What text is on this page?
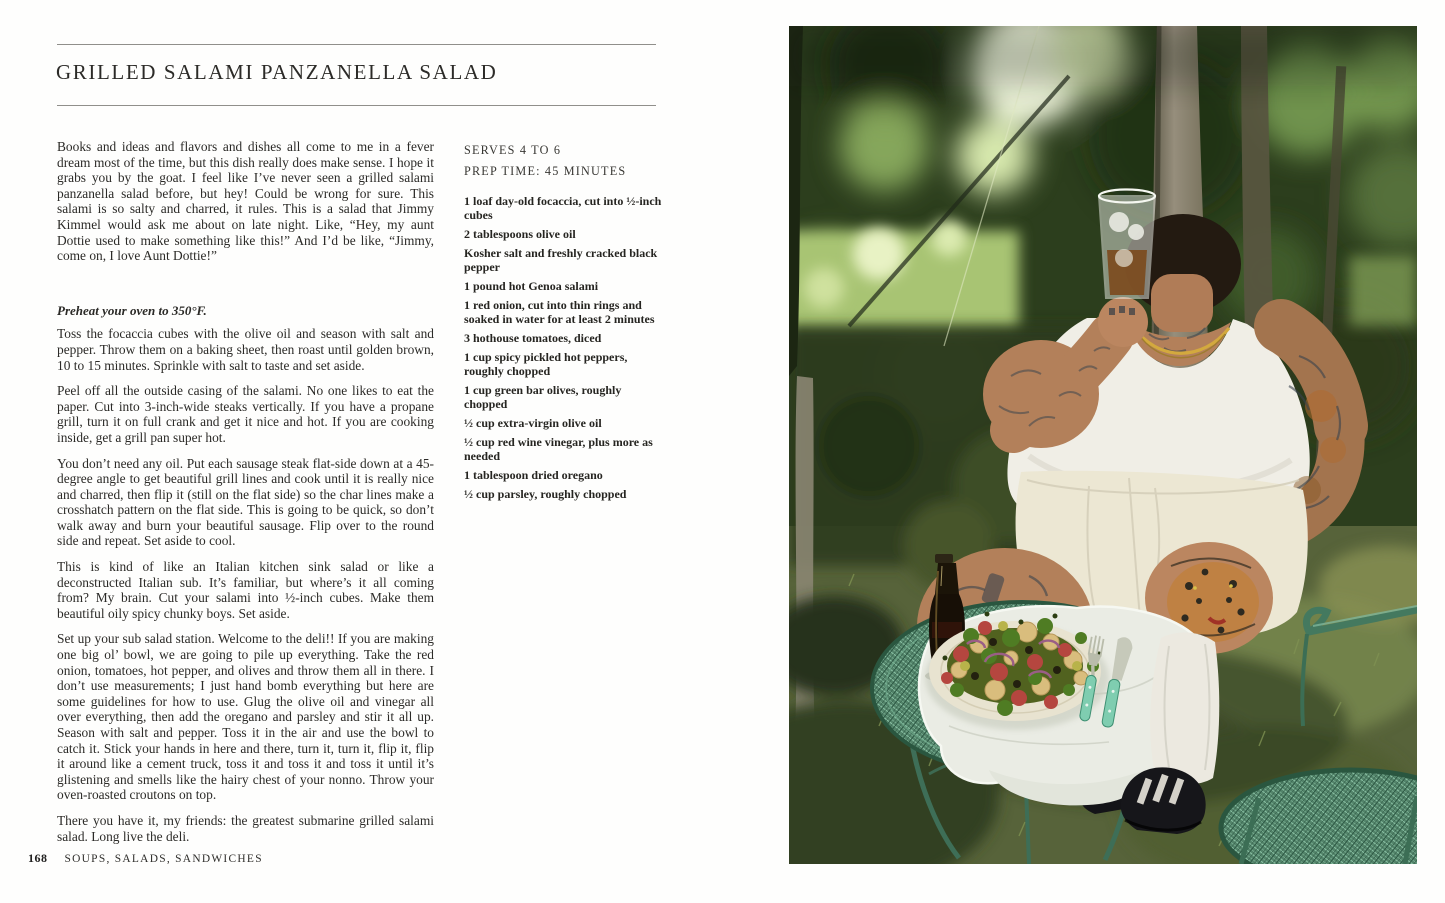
GRILLED SALAMI PANZANELLA SALAD

Books and ideas and flavors and dishes all come to me in a fever dream most of the time, but this dish really does make sense. I hope it grabs you by the goat. I feel like I’ve never seen a grilled salami panzanella salad before, but hey! Could be wrong for sure. This salami is so salty and charred, it rules. This is a salad that Jimmy Kimmel would ask me about on late night. Like, “Hey, my aunt Dottie used to make something like this!” And I’d be like, “Jimmy, come on, I love Aunt Dottie!”

Preheat your oven to 350°F.

Toss the focaccia cubes with the olive oil and season with salt and pepper. Throw them on a baking sheet, then roast until golden brown, 10 to 15 minutes. Sprinkle with salt to taste and set aside.

Peel off all the outside casing of the salami. No one likes to eat the paper. Cut into 3-inch-wide steaks vertically. If you have a propane grill, turn it on full crank and get it nice and hot. If you are cooking inside, get a grill pan super hot.

You don’t need any oil. Put each sausage steak flat-side down at a 45-degree angle to get beautiful grill lines and cook until it is really nice and charred, then flip it (still on the flat side) so the char lines make a crosshatch pattern on the flat side. This is going to be quick, so don’t walk away and burn your beautiful sausage. Flip over to the round side and repeat. Set aside to cool.

This is kind of like an Italian kitchen sink salad or like a deconstructed Italian sub. It’s familiar, but where’s it all coming from? My brain. Cut your salami into ½-inch cubes. Make them beautiful oily spicy chunky boys. Set aside.

Set up your sub salad station. Welcome to the deli!! If you are making one big ol’ bowl, we are going to pile up everything. Take the red onion, tomatoes, hot pepper, and olives and throw them all in there. I don’t use measurements; I just hand bomb everything but here are some guidelines for how to use. Glug the olive oil and vinegar all over everything, then add the oregano and parsley and stir it all up. Season with salt and pepper. Toss it in the air and use the bowl to catch it. Stick your hands in here and there, turn it, turn it, flip it, flip it around like a cement truck, toss it and toss it and toss it until it’s glistening and smells like the hairy chest of your nonno. Throw your oven-roasted croutons on top.

There you have it, my friends: the greatest submarine grilled salami salad. Long live the deli.

SERVES 4 TO 6

PREP TIME: 45 MINUTES

1 loaf day-old focaccia, cut into ½-inch cubes

2 tablespoons olive oil

Kosher salt and freshly cracked black pepper

1 pound hot Genoa salami

1 red onion, cut into thin rings and soaked in water for at least 2 minutes

3 hothouse tomatoes, diced

1 cup spicy pickled hot peppers, roughly chopped

1 cup green bar olives, roughly chopped

½ cup extra-virgin olive oil

½ cup red wine vinegar, plus more as needed

1 tablespoon dried oregano

½ cup parsley, roughly chopped

168 SOUPS, SALADS, SANDWICHES
